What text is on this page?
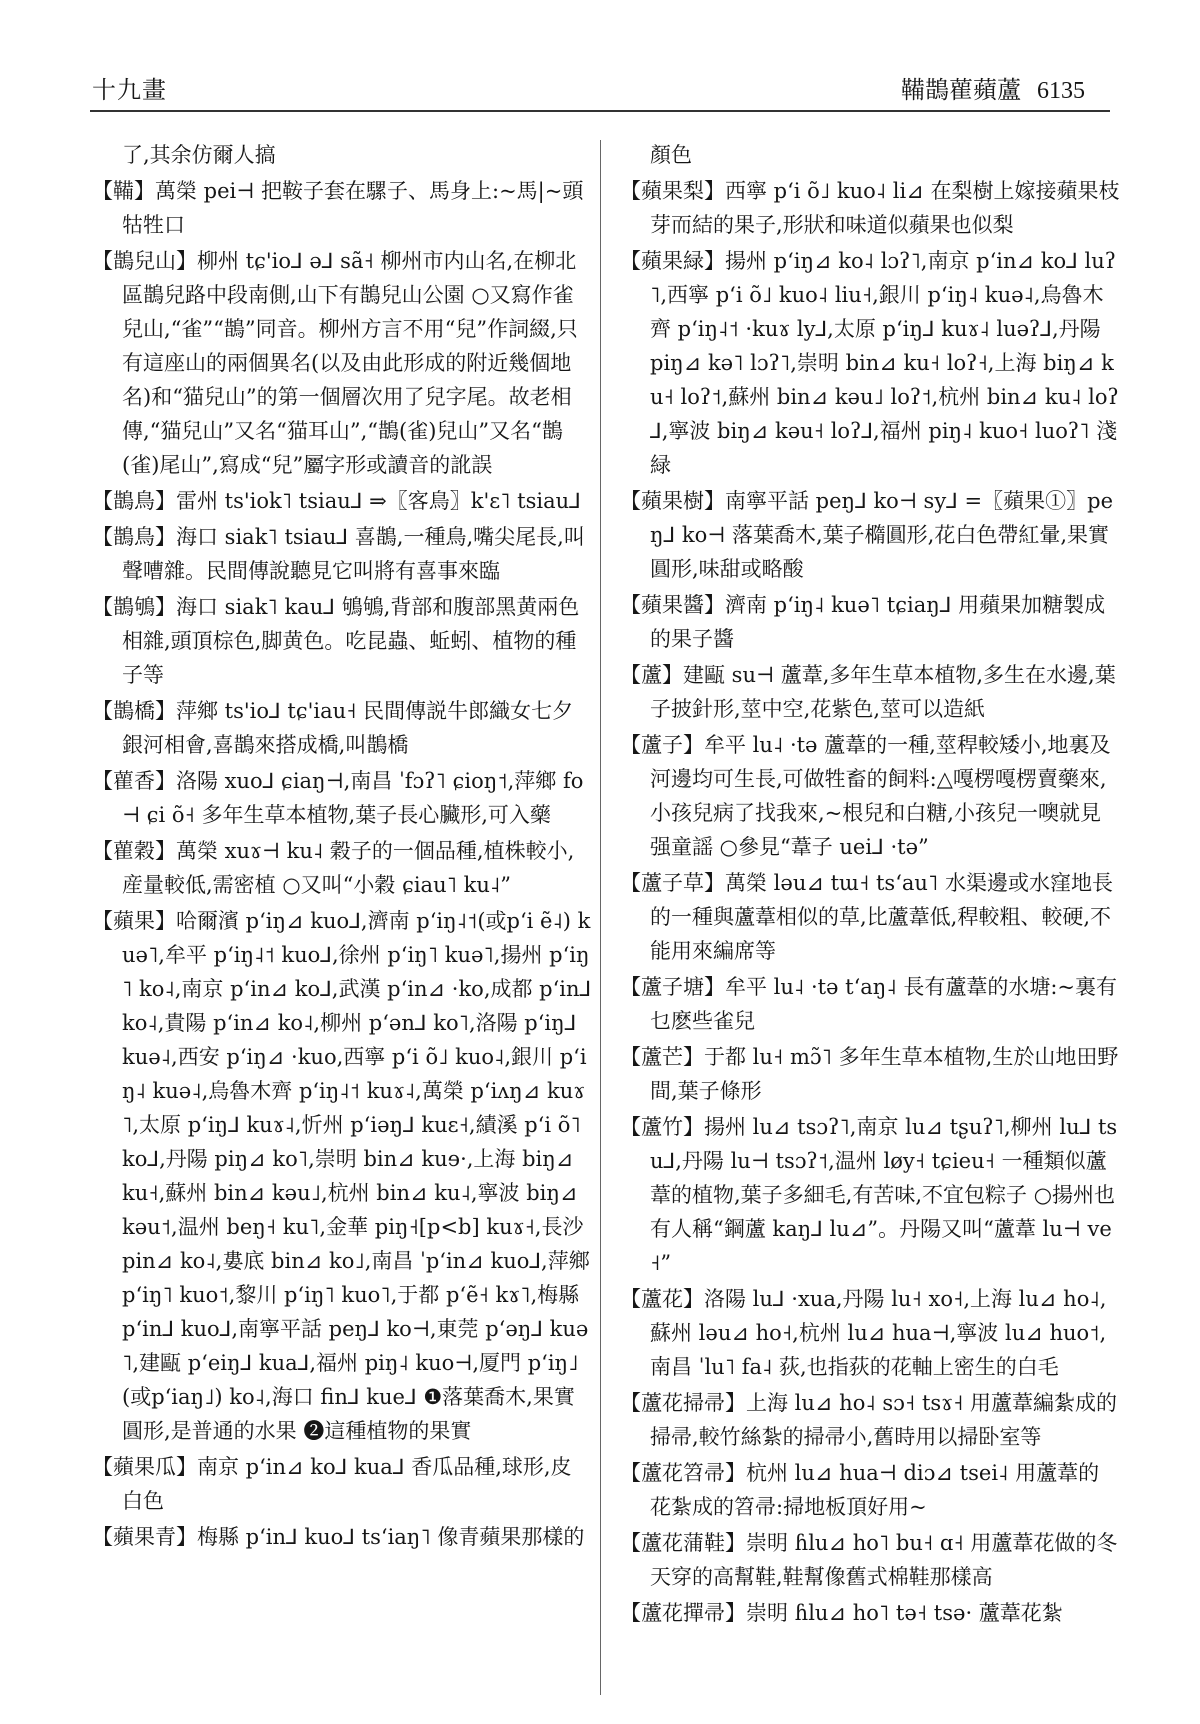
十九畫	鞴鵲雚蘋蘆 6135
了,其余仿爾人搞
【鞴】萬榮 pei⊣ 把鞍子套在騾子、馬身上:~馬|~頭牯牲口
【鵲兒山】柳州 tɕ'io⅃ ə⅃ sã˧ 柳州市内山名,在柳北區鵲兒路中段南側,山下有鵲兒山公園 ○又寫作雀兒山,“雀”“鵲”同音。柳州方言不用“兒”作詞綴,只有這座山的兩個異名(以及由此形成的附近幾個地名)和“猫兒山”的第一個層次用了兒字尾。故老相傳,“猫兒山”又名“猫耳山”,“鵲(雀)兒山”又名“鵲(雀)尾山”,寫成“兒”屬字形或讀音的訛誤
【鵲鳥】雷州 ts'iok˥ tsiau⅃ ⇒〖客鳥〗k'ɛ˥ tsiau⅃
【鵲鳥】海口 siak˥ tsiau⅃ 喜鵲,一種鳥,嘴尖尾長,叫聲嘈雜。民間傳說聽見它叫將有喜事來臨
【鵲鴝】海口 siak˥ kau⅃ 鴝鴝,背部和腹部黑黄兩色相雜,頭頂棕色,脚黄色。吃昆蟲、蚯蚓、植物的種子等
【鵲橋】萍鄉 ts'io⅃ tɕ'iau˧ 民間傳説牛郎織女七夕銀河相會,喜鵲來搭成橋,叫鵲橋
【雚香】洛陽 xuo⅃ ɕiaŋ⊣,南昌 ˈfɔʔ˥ ɕioŋ˦,萍鄉 fo⊣ ɕi õ˧ 多年生草本植物,葉子長心臟形,可入藥
【雚穀】萬榮 xuɤ⊣ ku˨ 穀子的一個品種,植株較小,産量較低,需密植 ○又叫“小穀 ɕiau˥ ku˨”
【蘋果】哈爾濱 pʻiŋ⊿ kuo⅃,濟南 pʻiŋ˨˦(或pʻi ẽ˨) kuə˥,牟平 pʻiŋ˨˦ kuo⅃,徐州 pʻiŋ˥ kuə˥,揚州 pʻiŋ˥ ko˨,南京 pʻin⊿ ko⅃,武漢 pʻin⊿ ·ko,成都 pʻin⅃ ko˨,貴陽 pʻin⊿ ko˨,柳州 pʻən⅃ ko˥,洛陽 pʻiŋ⅃ kuə˨,西安 pʻiŋ⊿ ·kuo,西寧 pʻi õ˩ kuo˨,銀川 pʻiŋ˨ kuə˨,烏魯木齊 pʻiŋ˨˦ kuɤ˨,萬榮 pʻiʌŋ⊿ kuɤ˥,太原 pʻiŋ⅃ kuɤ˨,忻州 pʻiəŋ⅃ kuɛ˧,績溪 pʻi õ˥ ko⅃,丹陽 piŋ⊿ ko˥,崇明 bin⊿ kuɘ·,上海 biŋ⊿ ku˧,蘇州 bin⊿ kəu˩,杭州 bin⊿ ku˨,寧波 biŋ⊿ kəu˦,温州 beŋ˧ ku˥,金華 piŋ˧[p<b] kuɤ˧,長沙 pin⊿ ko˨,婁底 bin⊿ ko˩,南昌 ˈpʻin⊿ kuo⅃,萍鄉 pʻiŋ˥ kuo˦,黎川 pʻiŋ˥ kuo˥,于都 pʻẽ˧ kɤ˥,梅縣 pʻin⅃ kuo⅃,南寧平話 peŋ⅃ ko⊣,東莞 pʻəŋ⅃ kuə˥,建甌 pʻeiŋ⅃ kua⅃,福州 piŋ˨ kuo⊣,厦門 pʻiŋ˩(或pʻiaŋ˩) ko˨,海口 fin⅃ kue⅃ ❶落葉喬木,果實圓形,是普通的水果 ❷這種植物的果實
【蘋果瓜】南京 pʻin⊿ ko⅃ kua⅃ 香瓜品種,球形,皮白色
【蘋果青】梅縣 pʻin⅃ kuo⅃ tsʻiaŋ˥ 像青蘋果那樣的
顏色
【蘋果梨】西寧 pʻi õ˩ kuo˨ li⊿ 在梨樹上嫁接蘋果枝芽而結的果子,形狀和味道似蘋果也似梨
【蘋果緑】揚州 pʻiŋ⊿ ko˨ lɔʔ˥,南京 pʻin⊿ ko⅃ luʔ˥,西寧 pʻi õ˩ kuo˨ liu˧,銀川 pʻiŋ˨ kuə˨,烏魯木齊 pʻiŋ˨˦ ·kuɤ ly⅃,太原 pʻiŋ⅃ kuɤ˨ luəʔ⅃,丹陽 piŋ⊿ kə˥ lɔʔ˥,崇明 bin⊿ ku˧ loʔ˧,上海 biŋ⊿ ku˧ loʔ˦,蘇州 bin⊿ kəu˩ loʔ˦,杭州 bin⊿ ku˨ loʔ⅃,寧波 biŋ⊿ kəu˧ loʔ⅃,福州 piŋ˨ kuo˧ luoʔ˥ 淺緑
【蘋果樹】南寧平話 peŋ⅃ ko⊣ sy⅃ =〖蘋果①〗peŋ⅃ ko⊣ 落葉喬木,葉子橢圓形,花白色帶紅暈,果實圓形,味甜或略酸
【蘋果醬】濟南 pʻiŋ˨ kuə˥ tɕiaŋ⅃ 用蘋果加糖製成的果子醬
【蘆】建甌 su⊣ 蘆葦,多年生草本植物,多生在水邊,葉子披針形,莖中空,花紫色,莖可以造紙
【蘆子】牟平 lu˨ ·tə 蘆葦的一種,莖稈較矮小,地裏及河邊均可生長,可做牲畜的飼料:△嘎楞嘎楞賣藥來,小孩兒病了找我來,~根兒和白糖,小孩兒一噢就見强童謡 ○參見“葦子 uei⅃ ·tə”
【蘆子草】萬榮 ləu⊿ tɯ˧ tsʻau˥ 水渠邊或水窪地長的一種與蘆葦相似的草,比蘆葦低,稈較粗、較硬,不能用來編席等
【蘆子塘】牟平 lu˨ ·tə tʻaŋ˨ 長有蘆葦的水塘:~裏有乜麽些雀兒
【蘆芒】于都 lu˧ mɔ̃˥ 多年生草本植物,生於山地田野間,葉子條形
【蘆竹】揚州 lu⊿ tsɔʔ˥,南京 lu⊿ tʂuʔ˥,柳州 lu⅃ tsu⅃,丹陽 lu⊣ tsɔʔ˦,温州 løy˧ tɕieu˧ 一種類似蘆葦的植物,葉子多細毛,有苦味,不宜包粽子 ○揚州也有人稱“鋼蘆 kaŋ⅃ lu⊿”。丹陽又叫“蘆葦 lu⊣ ve˧”
【蘆花】洛陽 lu⅃ ·xua,丹陽 lu˧ xo˧,上海 lu⊿ ho˨,蘇州 ləu⊿ ho˧,杭州 lu⊿ hua⊣,寧波 lu⊿ huo˦,南昌 ˈlu˥ fa˨ 荻,也指荻的花軸上密生的白毛
【蘆花掃帚】上海 lu⊿ ho˨ sɔ˧ tsɤ˧ 用蘆葦編紮成的掃帚,較竹絲紮的掃帚小,舊時用以掃卧室等
【蘆花笤帚】杭州 lu⊿ hua⊣ diɔ⊿ tsei˨ 用蘆葦的花紮成的笤帚:掃地板頂好用~
【蘆花蒲鞋】崇明 ɦlu⊿ ho˥ bu˧ ɑ˧ 用蘆葦花做的冬天穿的高幫鞋,鞋幫像舊式棉鞋那樣高
【蘆花撣帚】崇明 ɦlu⊿ ho˥ tə˧ tsə· 蘆葦花紮
